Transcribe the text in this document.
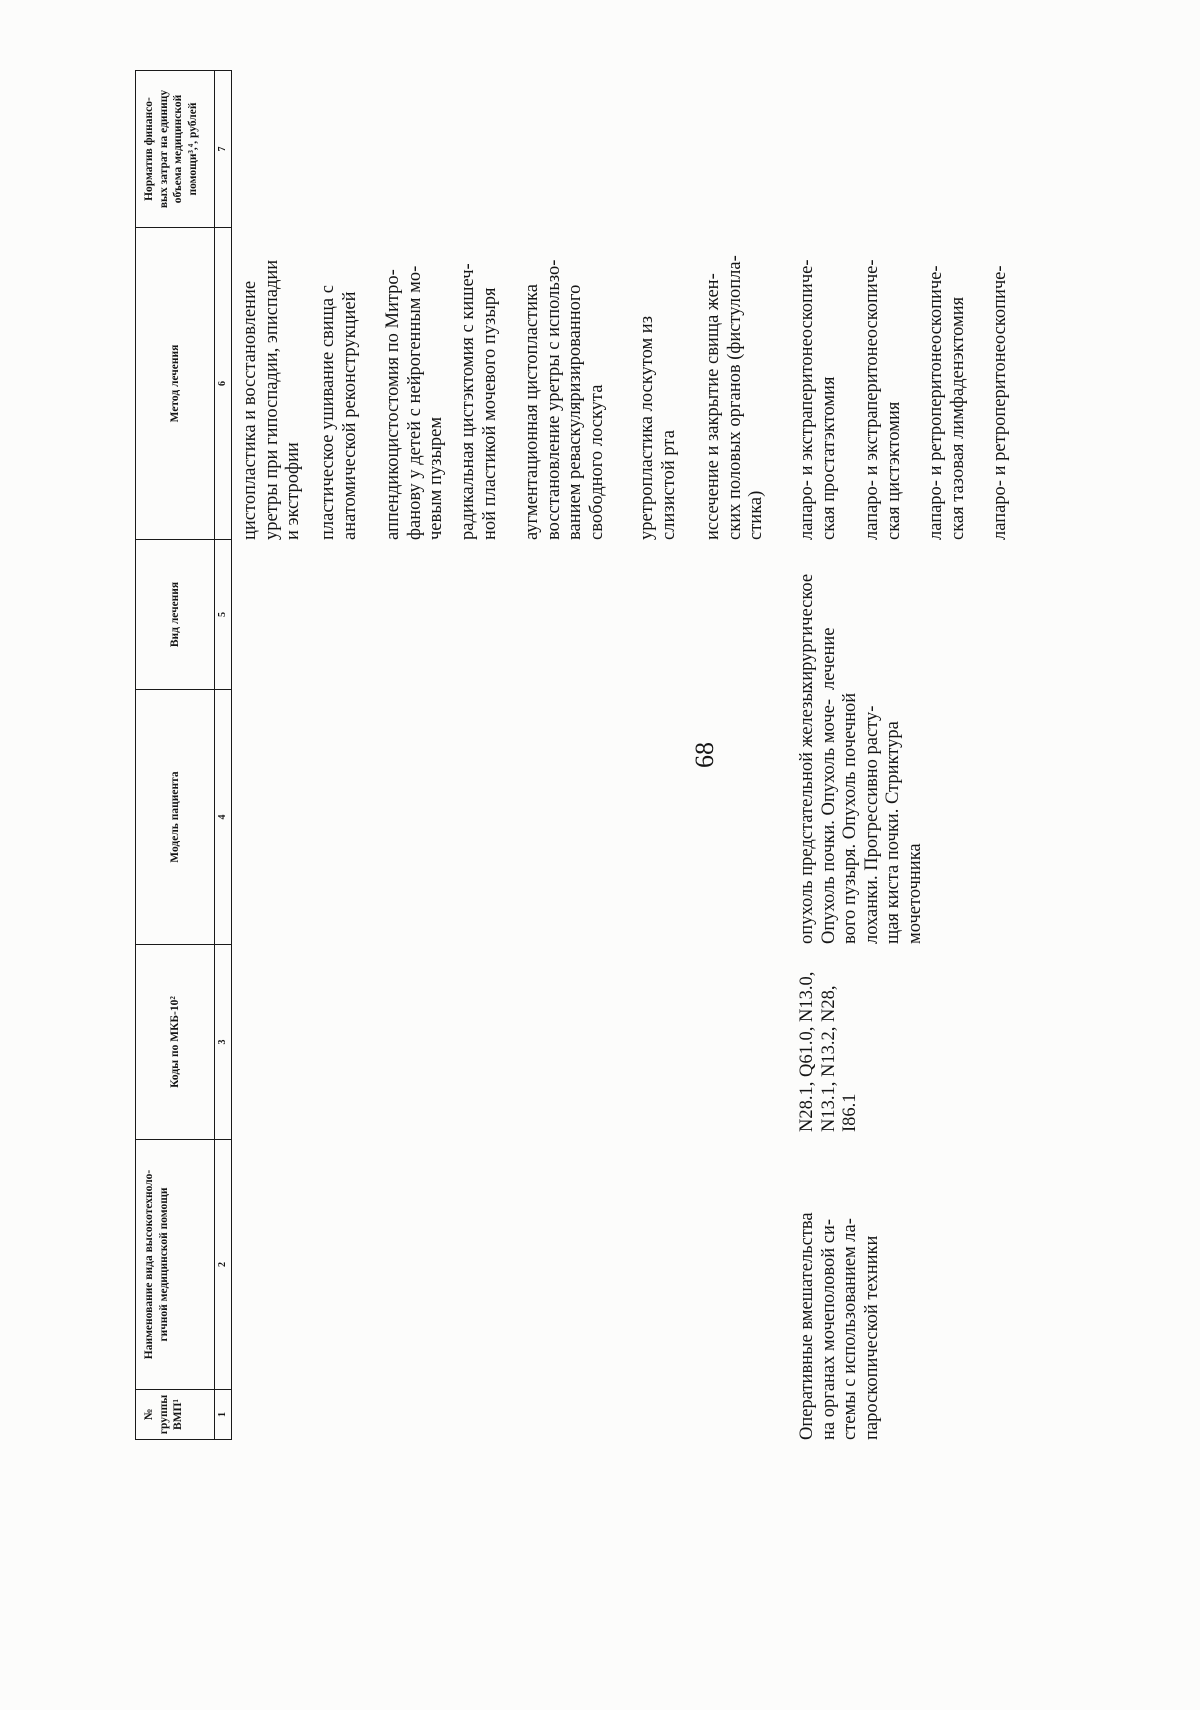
68
№
группы
ВМП¹
Наименование вида высокотехноло-
гичной медицинской помощи
Коды по МКБ-10²
Модель пациента
Вид лечения
Метод лечения
Норматив финансо-
вых затрат на единицу
объема медицинской
помощи³,⁴, рублей
1
2
3
4
5
6
7
цистопластика и восстановление
уретры при гипоспадии, эписпадии
и экстрофии пластическое ушивание свища с
анатомической реконструкцией
аппендикоцистостомия по Митро-
фанову у детей с нейрогенным мо-
чевым пузырем радикальная цистэктомия с кишеч-
ной пластикой мочевого пузыря
аугментационная цистопластика
восстановление уретры с использо-
ванием реваскуляризированного
свободного лоскута
уретропластика лоскутом из
слизистой рта
иссечение и закрытие свища жен-
ских половых органов (фистулопла-
стика)
Оперативные вмешательства
на органах мочеполовой си-
стемы с использованием ла-
пароскопической техники
N28.1, Q61.0, N13.0,
N13.1, N13.2, N28,
I86.1
опухоль предстательной железы.
Опухоль почки. Опухоль моче-
вого пузыря. Опухоль почечной
лоханки. Прогрессивно расту-
щая киста почки. Стриктура
мочеточника
хирургическое
лечение
лапаро- и экстраперитонеоскопиче-
ская простатэктомия
лапаро- и экстраперитонеоскопиче-
ская цистэктомия
лапаро- и ретроперитонеоскопиче-
ская тазовая лимфаденэктомия лапаро- и ретроперитонеоскопиче-
